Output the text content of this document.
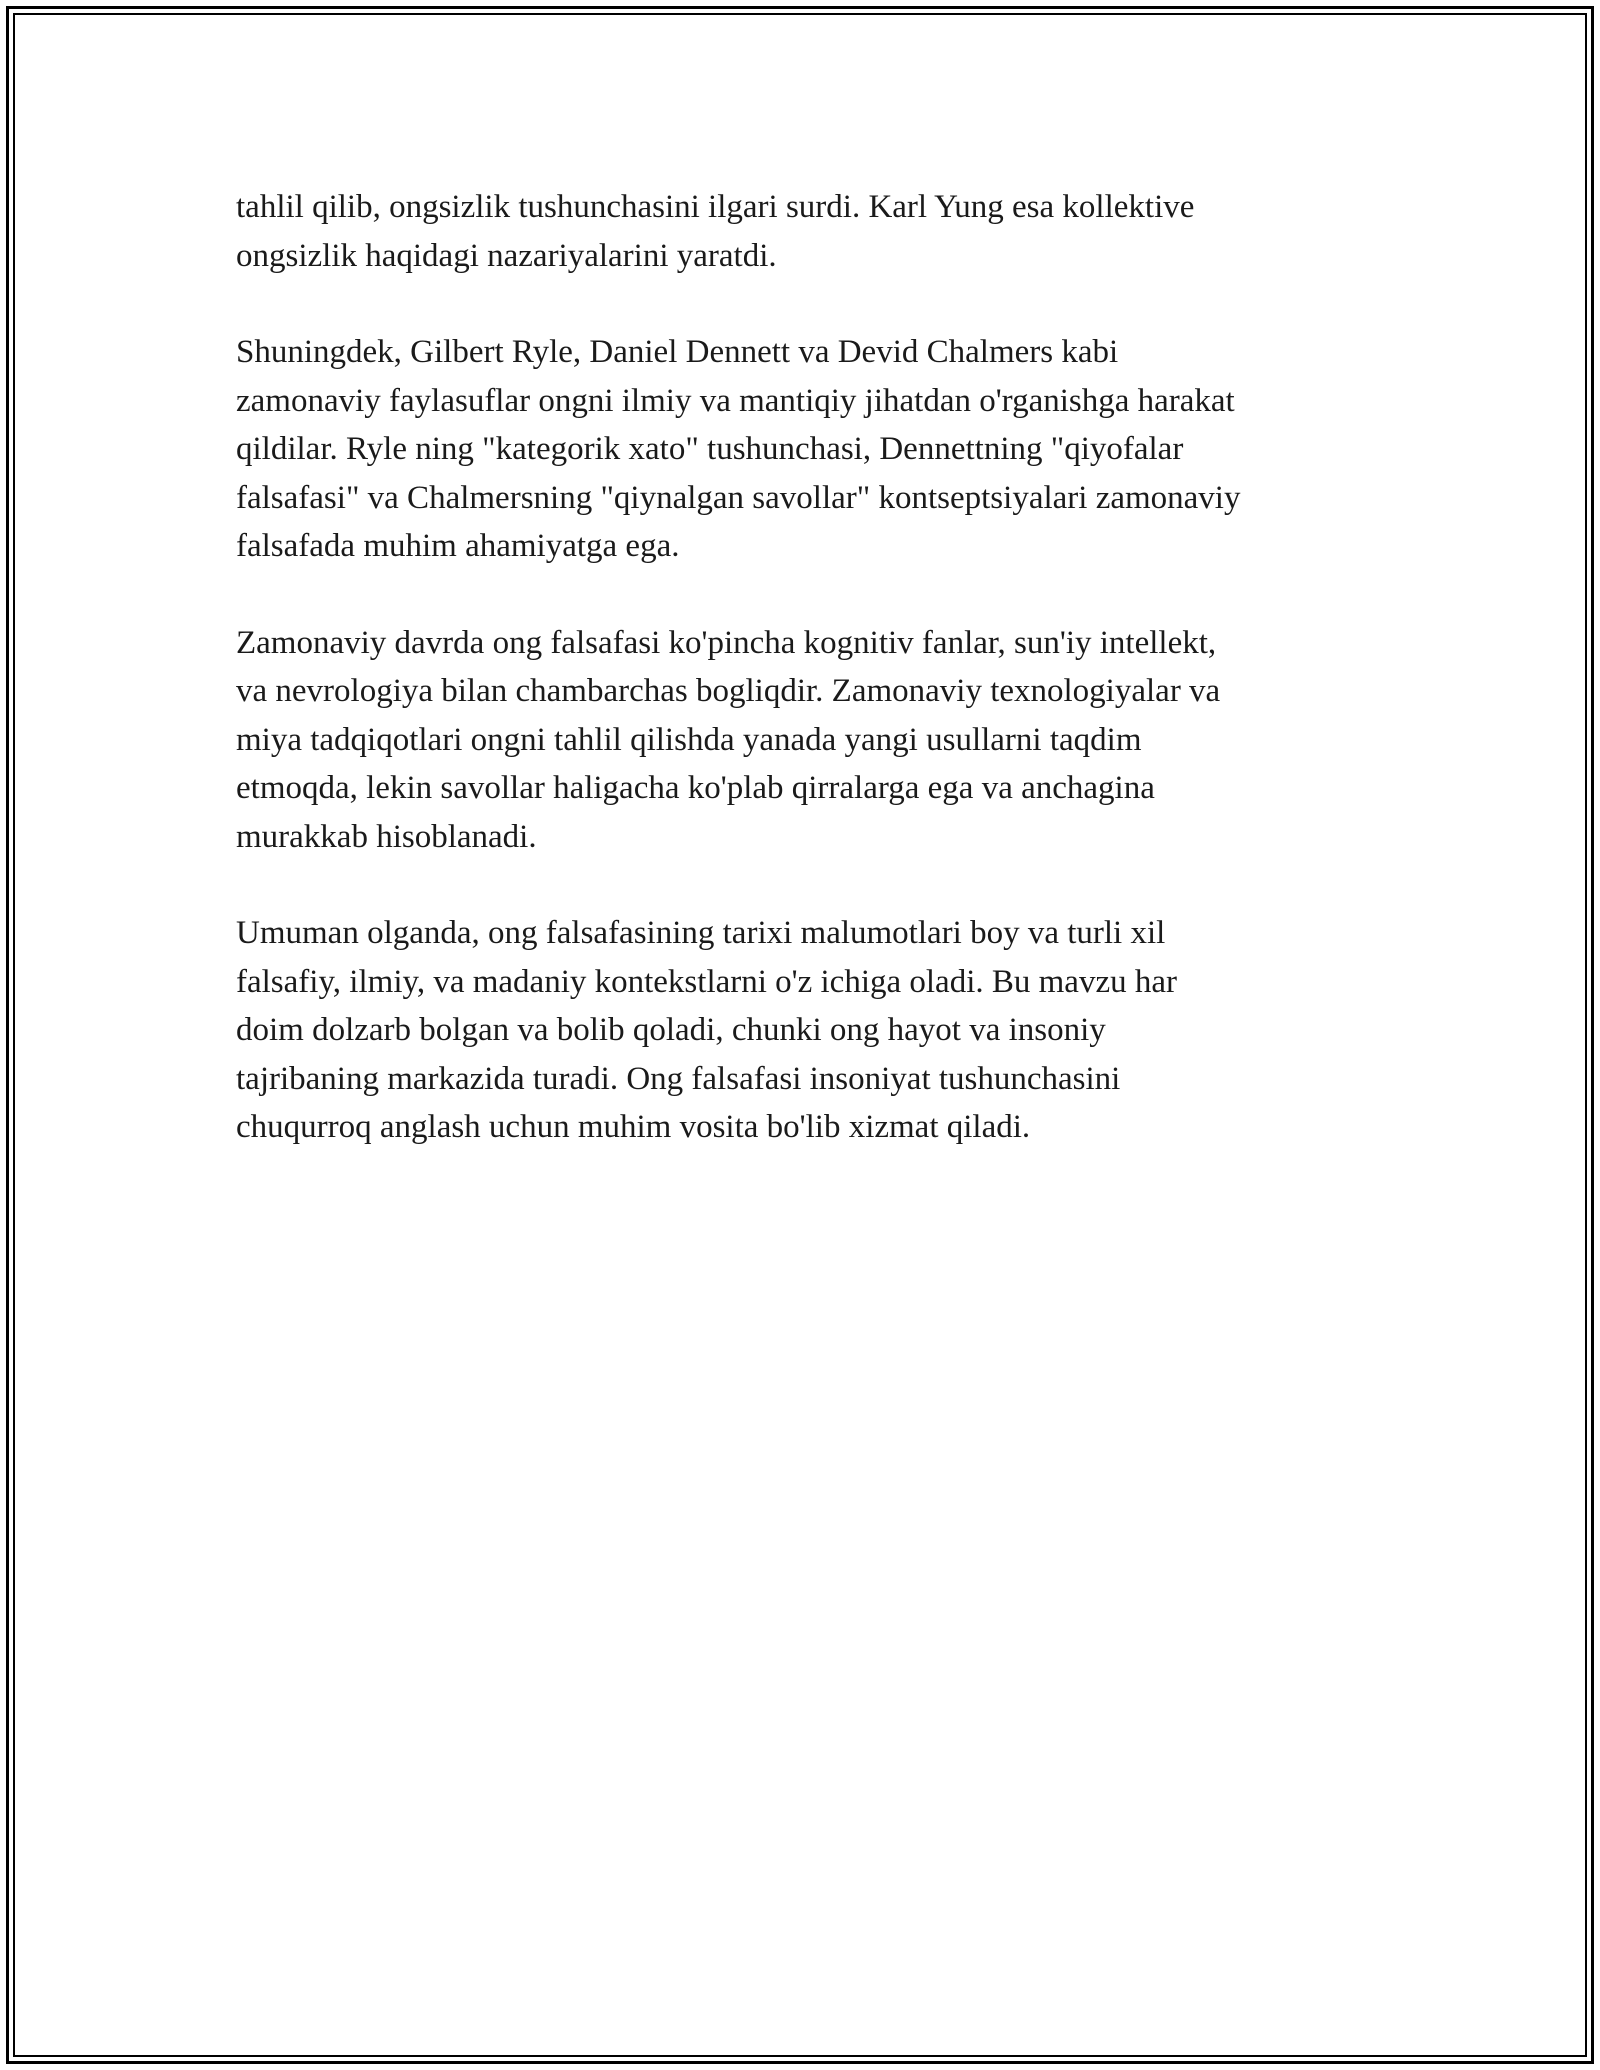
tahlil qilib, ongsizlik tushunchasini ilgari surdi. Karl Yung esa kollektive
ongsizlik haqidagi nazariyalarini yaratdi.

Shuningdek, Gilbert Ryle, Daniel Dennett va Devid Chalmers kabi
zamonaviy faylasuflar ongni ilmiy va mantiqiy jihatdan o'rganishga harakat
qildilar. Ryle ning "kategorik xato" tushunchasi, Dennettning "qiyofalar
falsafasi" va Chalmersning "qiynalgan savollar" kontseptsiyalari zamonaviy
falsafada muhim ahamiyatga ega.

Zamonaviy davrda ong falsafasi ko'pincha kognitiv fanlar, sun'iy intellekt,
va nevrologiya bilan chambarchas bogliqdir. Zamonaviy texnologiyalar va
miya tadqiqotlari ongni tahlil qilishda yanada yangi usullarni taqdim
etmoqda, lekin savollar haligacha ko'plab qirralarga ega va anchagina
murakkab hisoblanadi.

Umuman olganda, ong falsafasining tarixi malumotlari boy va turli xil
falsafiy, ilmiy, va madaniy kontekstlarni o'z ichiga oladi. Bu mavzu har
doim dolzarb bolgan va bolib qoladi, chunki ong hayot va insoniy
tajribaning markazida turadi. Ong falsafasi insoniyat tushunchasini
chuqurroq anglash uchun muhim vosita bo'lib xizmat qiladi.
